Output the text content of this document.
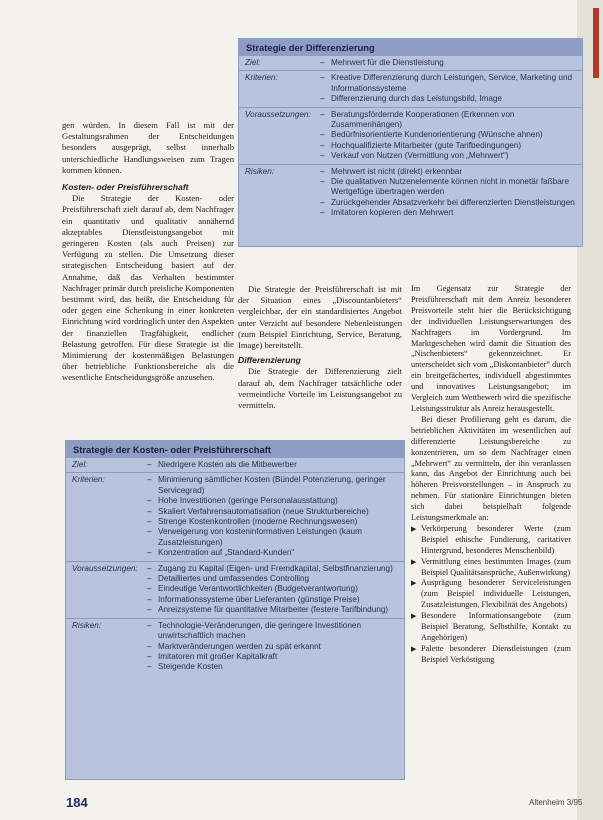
Strategie der Differenzierung
Ziel:	– Mehrwert für die Dienstleistung
Kriterien:	– Kreative Differenzierung durch Leistungen, Service, Marketing und Informationssysteme
– Differenzierung durch das Leistungsbild, Image
Voraussetzungen:	– Beratungsfördernde Kooperationen (Erkennen von Zusammenhängen)
– Bedürfnisorientierte Kundenorientierung (Wünsche ahnen)
– Hochqualifizierte Mitarbeiter (gute Tarifbedingungen)
– Verkauf von Nutzen (Vermittlung von „Mehrwert“)
Risiken:	– Mehrwert ist nicht (direkt) erkennbar
– Die qualitativen Nutzenelemente können nicht in monetär faßbare Wertgefüge übertragen werden
– Zurückgehender Absatzverkehr bei differenzierten Dienstleistungen
– Imitatoren kopieren den Mehrwert

gen würden. In diesem Fall ist mit der Gestaltungsrahmen der Entscheidungen besonders ausgeprägt, selbst innerhalb unterschiedliche Handlungsweisen zum Tragen kommen können.

Kosten- oder Preisführerschaft

Die Strategie der Kosten- oder Preisführerschaft zielt darauf ab, dem Nachfrager ein quantitativ und qualitativ annähernd akzeptables Dienstleistungsangebot mit geringeren Kosten (als auch Preisen) zur Verfügung zu stellen. Die Umsetzung dieser strategischen Entscheidung basiert auf der Annahme, daß das Verhalten bestimmter Nachfrager primär durch preisliche Komponenten bestimmt wird, das heißt, die Entscheidung für oder gegen eine Schenkung in einer konkreten Einrichtung wird vordringlich unter den Aspekten der finanziellen Tragfähigkeit, endlicher Belastung getroffen. Für diese Strategie ist die Minimierung der kostenmäßigen Belastungen über betriebliche Funktionsbereiche als die wesentliche Entscheidungsgröße anzusehen.

Die Strategie der Preisführerschaft ist mit der Situation eines „Discountanbieters“ vergleichbar, der ein standardisiertes Angebot unter Verzicht auf besondere Nebenleistungen (zum Beispiel Einrichtung, Service, Beratung, Image) bereitstellt.

Differenzierung

Die Strategie der Differenzierung zielt darauf ab, dem Nachfrager tatsächliche oder vermeintliche Vorteile im Leistungsangebot zu vermitteln.

Im Gegensatz zur Strategie der Preisführerschaft mit dem Anreiz besonderer Preisvorteile steht hier die Berücksichtigung der individuellen Leistungserwartungen des Nachfragers im Vordergrund. Im Marktgeschehen wird damit die Situation des „Nischenbieters“ gekennzeichnet. Er unterscheidet sich vom „Diskontanbieter“ durch ein breitgefächertes, individuell abgestimmtes und innovatives Leistungsangebot; im Vergleich zum Wettbewerb wird die spezifische Leistungsstruktur als Anreiz herausgestellt.

Bei dieser Profilierung geht es darum, die betrieblichen Aktivitäten im wesentlichen auf differenzierte Leistungsbereiche zu konzentrieren, um so dem Nachfrager einen „Mehrwert“ zu vermitteln, der ihn veranlassen kann, das Angebot der Einrichtung auch bei höheren Preisvorstellungen – in Anspruch zu nehmen. Für stationäre Einrichtungen bieten sich dabei beispielhaft folgende Leistungsmerkmale an:

▶ Verkörperung besonderer Werte (zum Beispiel ethische Fundierung, caritativer Hintergrund, besonderes Menschenbild)
▶ Vermittlung eines bestimmten Images (zum Beispiel Qualitätsansprüche, Außenwirkung)
▶ Ausprägung besonderer Serviceleistungen (zum Beispiel individuelle Leistungen, Zusatzleistungen, Flexibilität des Angebots)
▶ Besondere Informationsangebote (zum Beispiel Beratung, Selbsthilfe, Kontakt zu Angehörigen)
▶ Palette besonderer Dienstleistungen (zum Beispiel Verköstigung
Strategie der Kosten- oder Preisführerschaft
Ziel:	– Niedrigere Kosten als die Mitbewerber
Kriterien:	– Minimierung sämtlicher Kosten (Bündel Potenzierung, geringer Servicegrad)
– Hohe Investitionen (geringe Personalausstattung)
– Skaliert Verfahrensautomatisation (neue Strukturbereiche)
– Strenge Kostenkontrollen (moderne Rechnungswesen)
– Verweigerung von kosteninformativen Leistungen (kaum Zusatzleistungen)
– Konzentration auf „Standard-Kunden“
Voraussetzungen:	– Zugang zu Kapital (Eigen- und Fremdkapital, Selbstfinanzierung)
– Detailliertes und umfassendes Controlling
– Eindeutige Verantwortlichkeiten (Budgetverantwortung)
– Informationssysteme über Lieferanten (günstige Preise)
– Anreizsysteme für quantitative Mitarbeiter (festere Tarifbindung)
Risiken:	– Technologie-Veränderungen, die geringere Investitionen unwirtschaftlich machen
– Marktveränderungen werden zu spät erkannt
– Imitatoren mit großer Kapitalkraft
– Steigende Kosten
184	Altenheim 3/95
